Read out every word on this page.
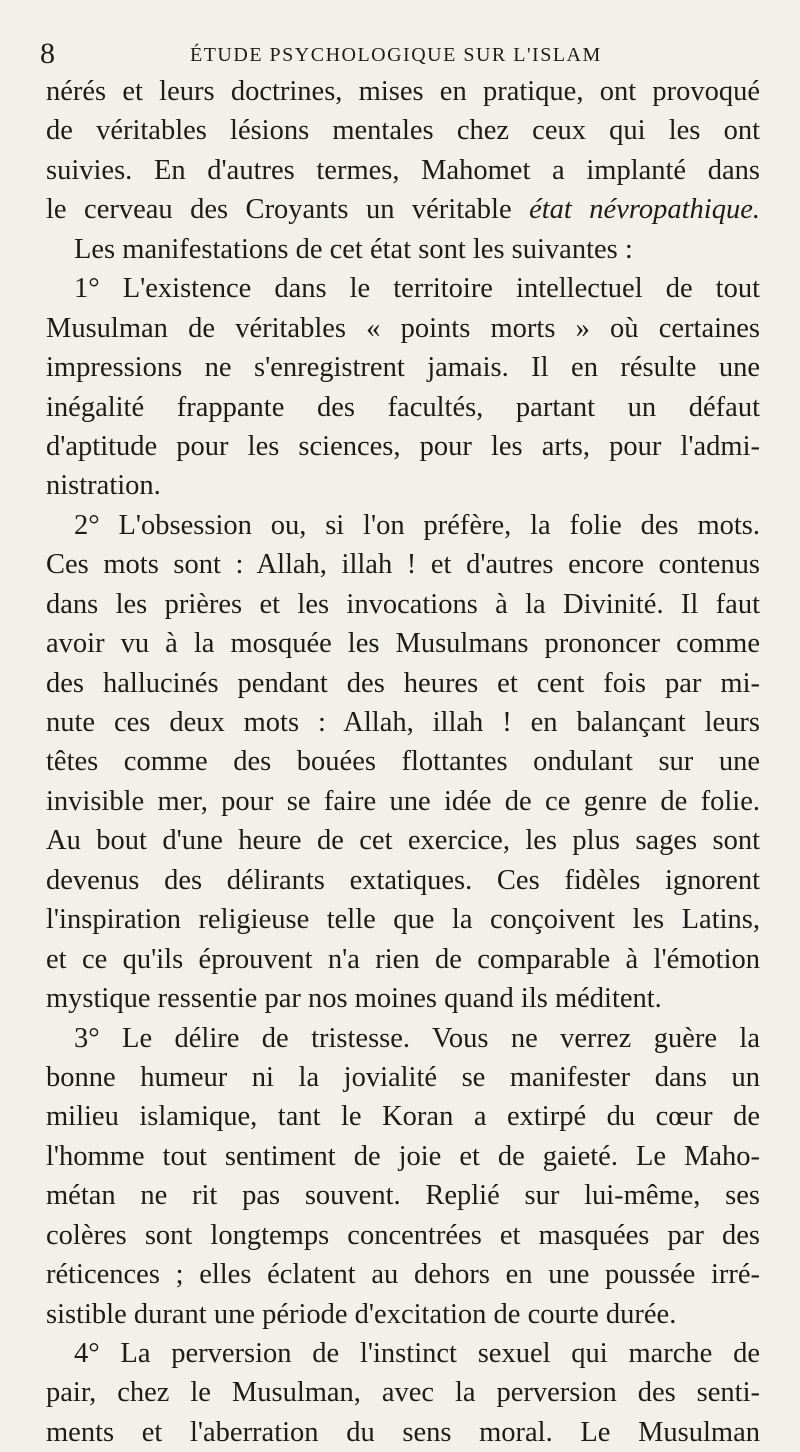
8	ÉTUDE PSYCHOLOGIQUE SUR L'ISLAM
nérés et leurs doctrines, mises en pratique, ont provoqué
de véritables lésions mentales chez ceux qui les ont
suivies. En d'autres termes, Mahomet a implanté dans
le cerveau des Croyants un véritable état névropathique.
Les manifestations de cet état sont les suivantes :
1° L'existence dans le territoire intellectuel de tout
Musulman de véritables « points morts » où certaines
impressions ne s'enregistrent jamais. Il en résulte une
inégalité frappante des facultés, partant un défaut
d'aptitude pour les sciences, pour les arts, pour l'admi-
nistration.
2° L'obsession ou, si l'on préfère, la folie des mots.
Ces mots sont : Allah, illah ! et d'autres encore contenus
dans les prières et les invocations à la Divinité. Il faut
avoir vu à la mosquée les Musulmans prononcer comme
des hallucinés pendant des heures et cent fois par mi-
nute ces deux mots : Allah, illah ! en balançant leurs
têtes comme des bouées flottantes ondulant sur une
invisible mer, pour se faire une idée de ce genre de folie.
Au bout d'une heure de cet exercice, les plus sages sont
devenus des délirants extatiques. Ces fidèles ignorent
l'inspiration religieuse telle que la conçoivent les Latins,
et ce qu'ils éprouvent n'a rien de comparable à l'émotion
mystique ressentie par nos moines quand ils méditent.
3° Le délire de tristesse. Vous ne verrez guère la
bonne humeur ni la jovialité se manifester dans un
milieu islamique, tant le Koran a extirpé du cœur de
l'homme tout sentiment de joie et de gaieté. Le Maho-
métan ne rit pas souvent. Replié sur lui-même, ses
colères sont longtemps concentrées et masquées par des
réticences ; elles éclatent au dehors en une poussée irré-
sistible durant une période d'excitation de courte durée.
4° La perversion de l'instinct sexuel qui marche de
pair, chez le Musulman, avec la perversion des senti-
ments et l'aberration du sens moral. Le Musulman
